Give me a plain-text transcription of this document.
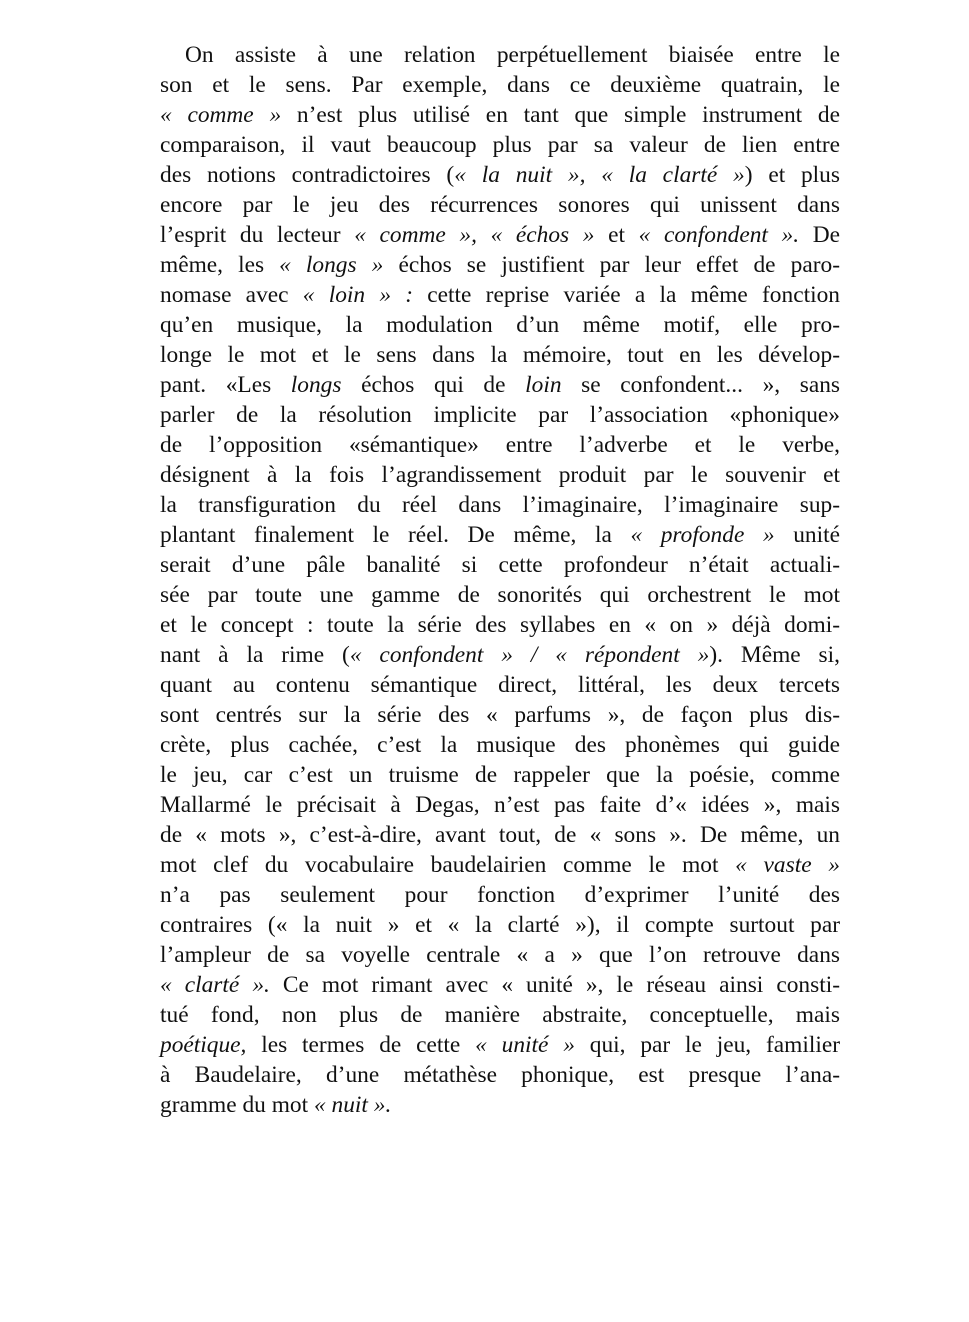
On assiste à une relation perpétuellement biaisée entre le
son et le sens. Par exemple, dans ce deuxième quatrain, le
« comme » n’est plus utilisé en tant que simple instrument de
comparaison, il vaut beaucoup plus par sa valeur de lien entre
des notions contradictoires (« la nuit », « la clarté ») et plus
encore par le jeu des récurrences sonores qui unissent dans
l’esprit du lecteur « comme », « échos » et « confondent ». De
même, les « longs » échos se justifient par leur effet de paro-
nomase avec « loin » : cette reprise variée a la même fonction
qu’en musique, la modulation d’un même motif, elle pro-
longe le mot et le sens dans la mémoire, tout en les dévelop-
pant. «Les longs échos qui de loin se confondent... », sans
parler de la résolution implicite par l’association «phonique»
de l’opposition «sémantique» entre l’adverbe et le verbe,
désignent à la fois l’agrandissement produit par le souvenir et
la transfiguration du réel dans l’imaginaire, l’imaginaire sup-
plantant finalement le réel. De même, la « profonde » unité
serait d’une pâle banalité si cette profondeur n’était actuali-
sée par toute une gamme de sonorités qui orchestrent le mot
et le concept : toute la série des syllabes en « on » déjà domi-
nant à la rime (« confondent » / « répondent »). Même si,
quant au contenu sémantique direct, littéral, les deux tercets
sont centrés sur la série des « parfums », de façon plus dis-
crète, plus cachée, c’est la musique des phonèmes qui guide
le jeu, car c’est un truisme de rappeler que la poésie, comme
Mallarmé le précisait à Degas, n’est pas faite d’« idées », mais
de « mots », c’est-à-dire, avant tout, de « sons ». De même, un
mot clef du vocabulaire baudelairien comme le mot « vaste »
n’a pas seulement pour fonction d’exprimer l’unité des
contraires (« la nuit » et « la clarté »), il compte surtout par
l’ampleur de sa voyelle centrale « a » que l’on retrouve dans
« clarté ». Ce mot rimant avec « unité », le réseau ainsi consti-
tué fond, non plus de manière abstraite, conceptuelle, mais
poétique, les termes de cette « unité » qui, par le jeu, familier
à Baudelaire, d’une métathèse phonique, est presque l’ana-
gramme du mot « nuit ».
